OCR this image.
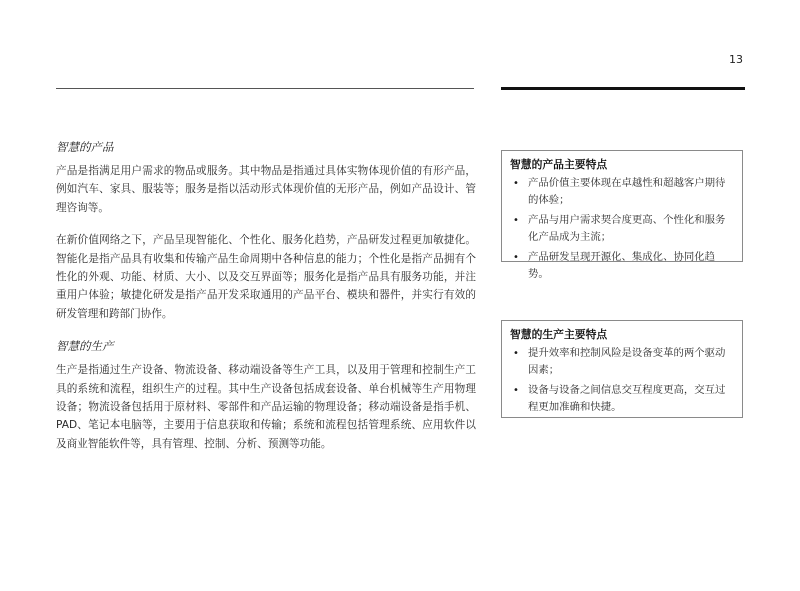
13
智慧的产品

产品是指满足用户需求的物品或服务。其中物品是指通过具体实物体现价值的有形产品，例如汽车、家具、服装等；服务是指以活动形式体现价值的无形产品，例如产品设计、管理咨询等。

在新价值网络之下，产品呈现智能化、个性化、服务化趋势，产品研发过程更加敏捷化。智能化是指产品具有收集和传输产品生命周期中各种信息的能力；个性化是指产品拥有个性化的外观、功能、材质、大小、以及交互界面等；服务化是指产品具有服务功能，并注重用户体验；敏捷化研发是指产品开发采取通用的产品平台、模块和器件，并实行有效的研发管理和跨部门协作。

智慧的生产

生产是指通过生产设备、物流设备、移动端设备等生产工具，以及用于管理和控制生产工具的系统和流程，组织生产的过程。其中生产设备包括成套设备、单台机械等生产用物理设备；物流设备包括用于原材料、零部件和产品运输的物理设备；移动端设备是指手机、PAD、笔记本电脑等，主要用于信息获取和传输；系统和流程包括管理系统、应用软件以及商业智能软件等，具有管理、控制、分析、预测等功能。

智慧的产品主要特点
• 产品价值主要体现在卓越性和超越客户期待的体验；
• 产品与用户需求契合度更高、个性化和服务化产品成为主流；
• 产品研发呈现开源化、集成化、协同化趋势。
智慧的生产主要特点
• 提升效率和控制风险是设备变革的两个驱动因素；
• 设备与设备之间信息交互程度更高，交互过程更加准确和快捷。
